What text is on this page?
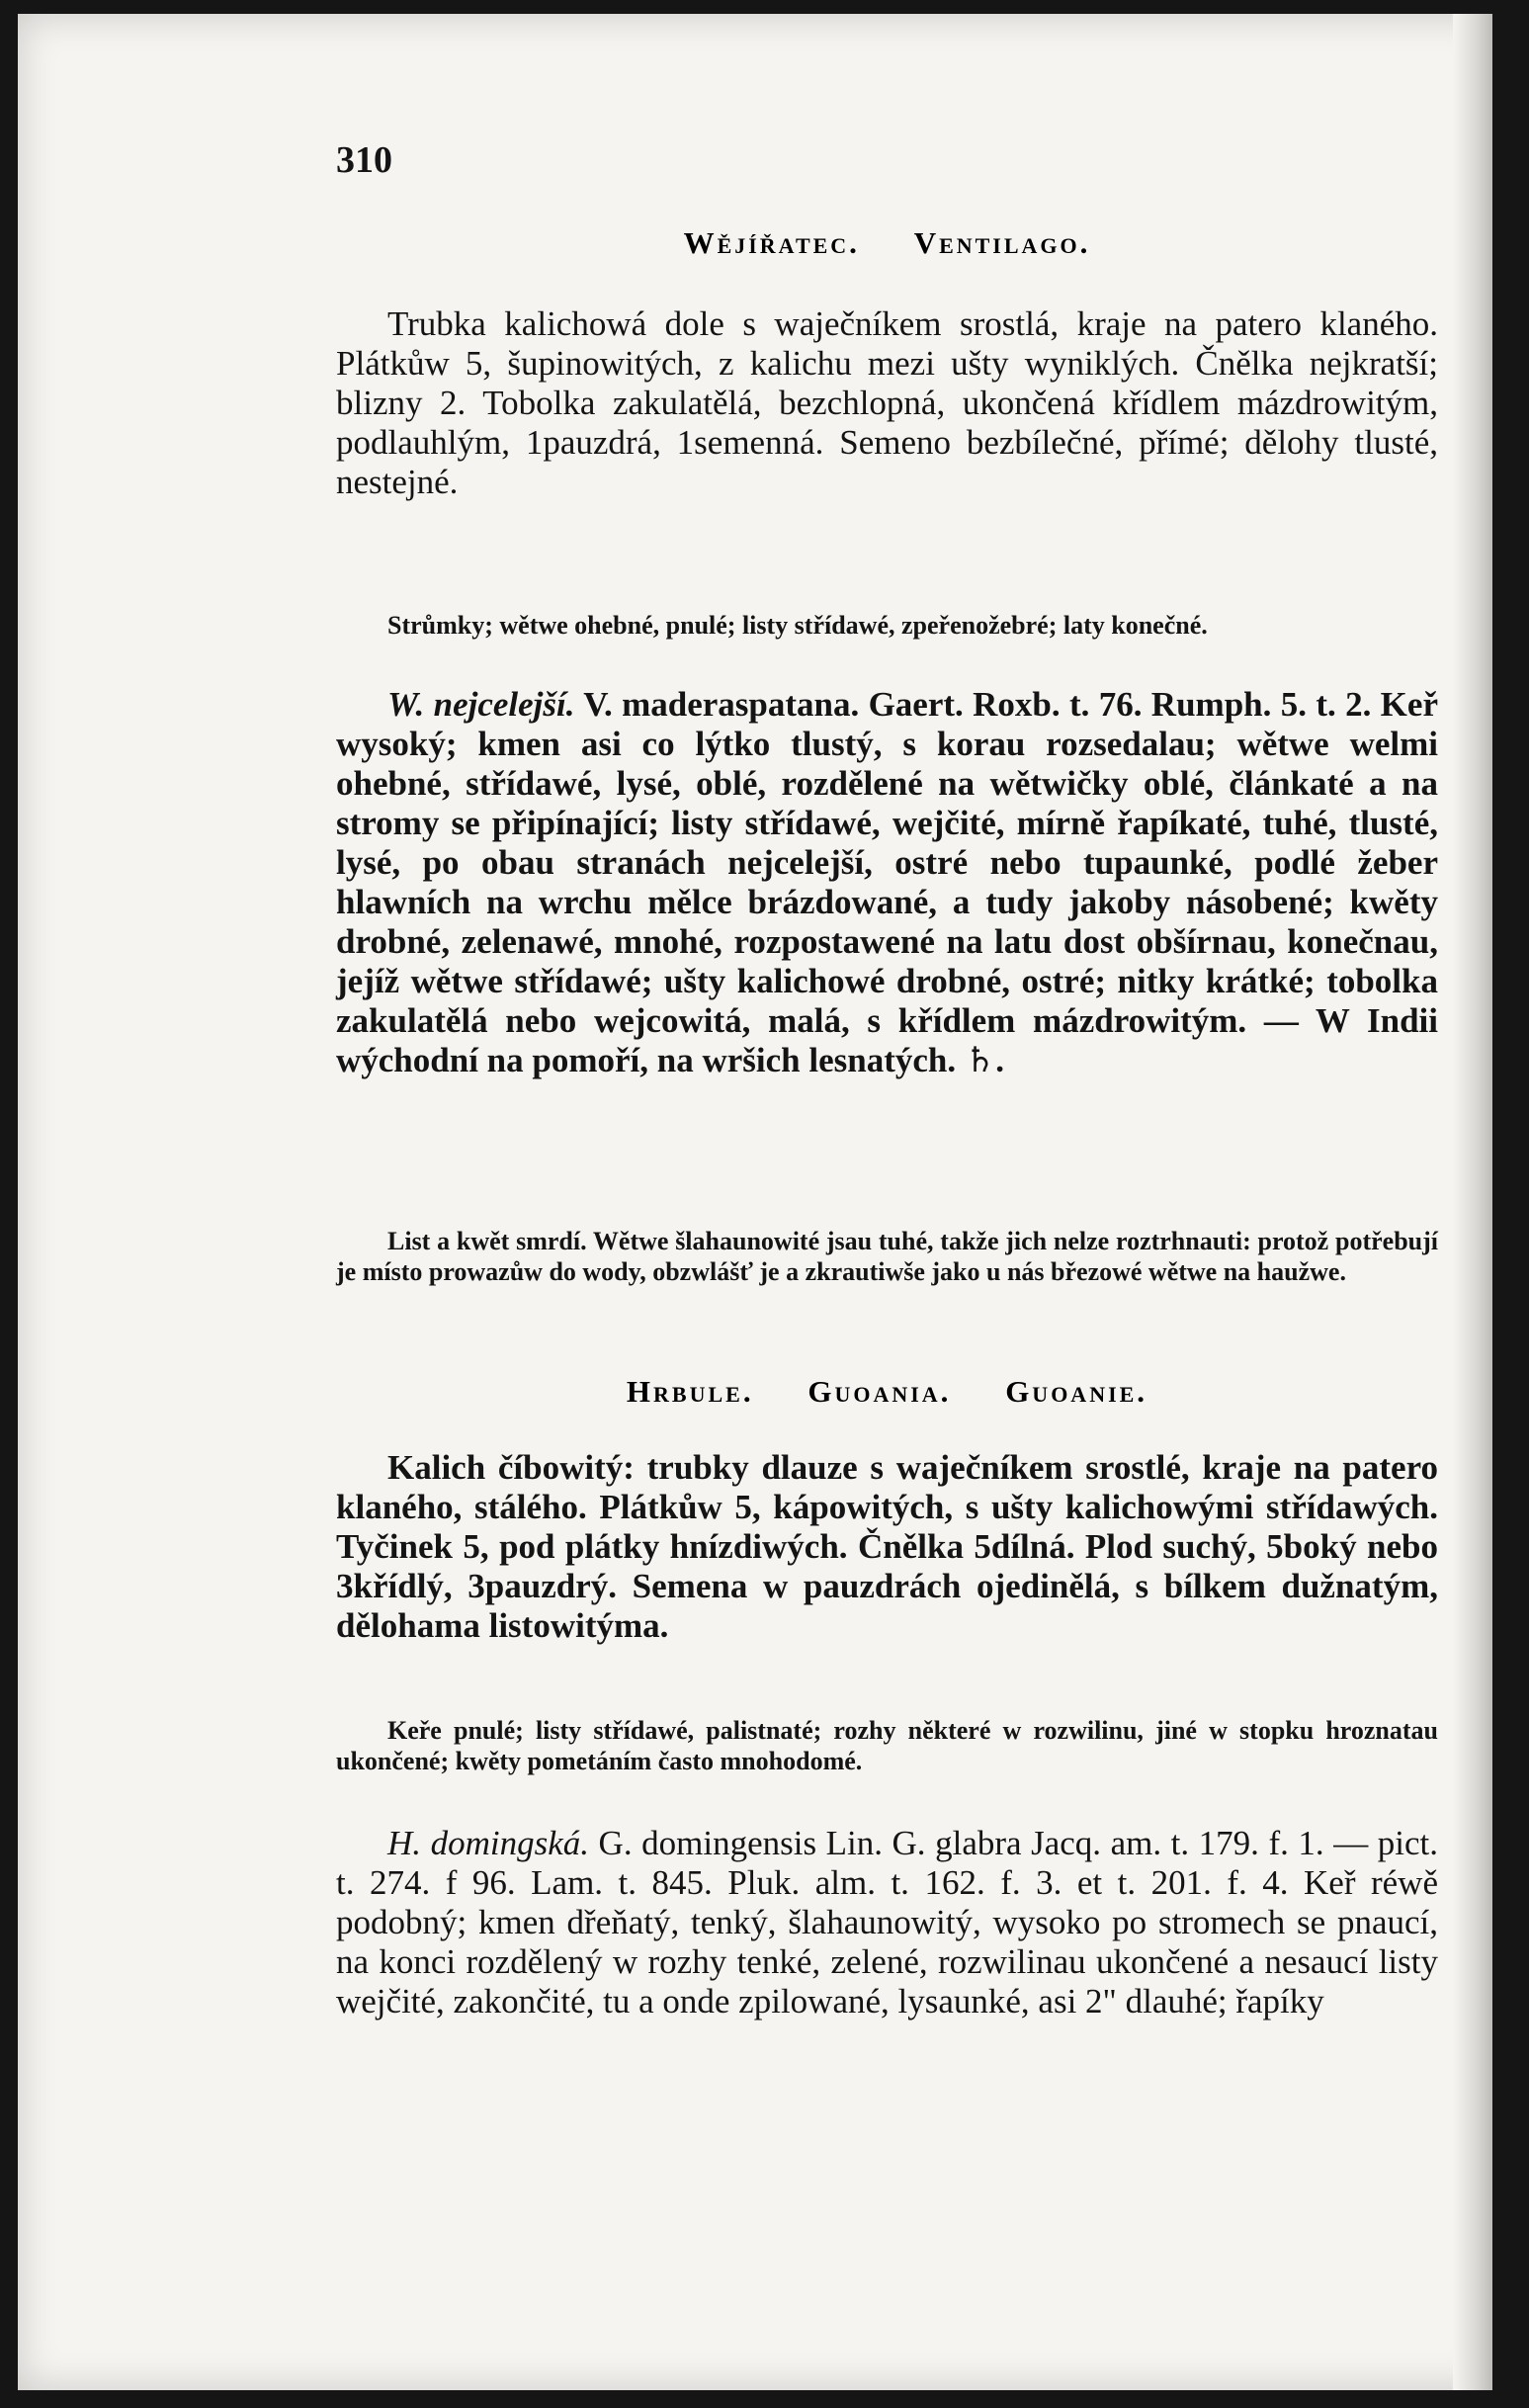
310
Wějířatec. Ventilago.
Trubka kalichowá dole s waječníkem srostlá, kraje na patero klaného. Plátkůw 5, šupinowitých, z kalichu mezi ušty wyniklých. Čnělka nejkratší; blizny 2. Tobolka zakulatělá, bezchlopná, ukončená křídlem mázdrowitým, podlauhlým, 1pauzdrá, 1semenná. Semeno bezbílečné, přímé; dělohy tlusté, nestejné.
Strůmky; wětwe ohebné, pnulé; listy střídawé, zpeřenožebré; laty konečné.
W. nejcelejší. V. maderaspatana. Gaert. Roxb. t. 76. Rumph. 5. t. 2. Keř wysoký; kmen asi co lýtko tlustý, s korau rozsedalau; wětwe welmi ohebné, střídawé, lysé, oblé, rozdělené na wětwičky oblé, článkaté a na stromy se připínající; listy střídawé, wejčité, mírně řapíkaté, tuhé, tlusté, lysé, po obau stranách nejcelejší, ostré nebo tupaunké, podlé žeber hlawních na wrchu mělce brázdowané, a tudy jakoby násobené; kwěty drobné, zelenawé, mnohé, rozpostawené na latu dost obšírnau, konečnau, jejíž wětwe střídawé; ušty kalichowé drobné, ostré; nitky krátké; tobolka zakulatělá nebo wejcowitá, malá, s křídlem mázdrowitým. — W Indii wýchodní na pomoří, na wršich lesnatých. ♄.
List a kwět smrdí. Wětwe šlahaunowité jsau tuhé, takže jich nelze roztrhnauti: protož potřebují je místo prowazůw do wody, obzwlášť je a zkrautiwše jako u nás březowé wětwe na haužwe.
Hrbule. Guoania. Guoanie.
Kalich číbowitý: trubky dlauze s waječníkem srostlé, kraje na patero klaného, stálého. Plátkůw 5, kápowitých, s ušty kalichowými střídawých. Tyčinek 5, pod plátky hnízdiwých. Čnělka 5dílná. Plod suchý, 5boký nebo 3křídlý, 3pauzdrý. Semena w pauzdrách ojedinělá, s bílkem dužnatým, dělohama listowitýma.
Keře pnulé; listy střídawé, palistnaté; rozhy některé w rozwilinu, jiné w stopku hroznatau ukončené; kwěty pometáním často mnohodomé.
H. domingská. G. domingensis Lin. G. glabra Jacq. am. t. 179. f. 1. — pict. t. 274. f 96. Lam. t. 845. Pluk. alm. t. 162. f. 3. et t. 201. f. 4. Keř réwě podobný; kmen dřeňatý, tenký, šlahaunowitý, wysoko po stromech se pnaucí, na konci rozdělený w rozhy tenké, zelené, rozwilinau ukončené a nesaucí listy wejčité, zakončité, tu a onde zpilowané, lysaunké, asi 2" dlauhé; řapíky
